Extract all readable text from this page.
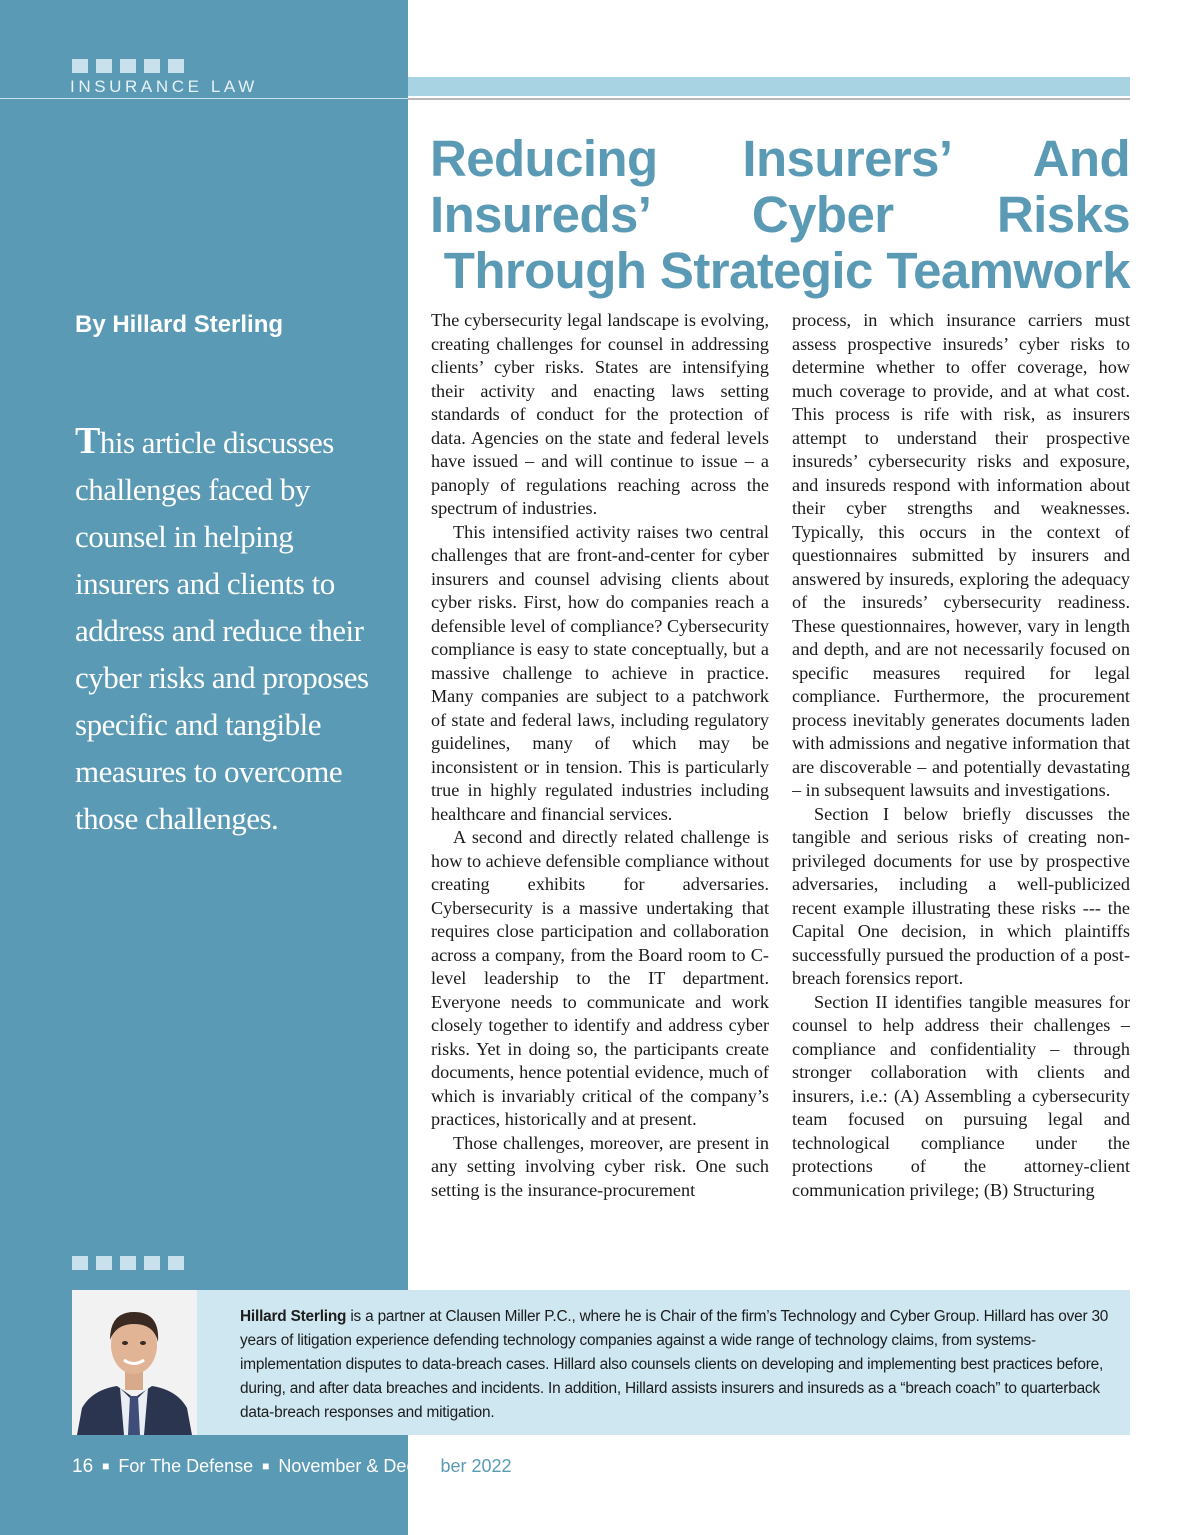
INSURANCE LAW
Reducing Insurers’ And Insureds’ Cyber Risks Through Strategic Teamwork
By Hillard Sterling

This article discusses challenges faced by counsel in helping insurers and clients to address and reduce their cyber risks and proposes specific and tangible measures to overcome those challenges.

The cybersecurity legal landscape is evolving, creating challenges for counsel in addressing clients’ cyber risks. States are intensifying their activity and enacting laws setting standards of conduct for the protection of data. Agencies on the state and federal levels have issued – and will continue to issue – a panoply of regulations reaching across the spectrum of industries.

This intensified activity raises two central challenges that are front-and-center for cyber insurers and counsel advising clients about cyber risks. First, how do companies reach a defensible level of compliance? Cybersecurity compliance is easy to state conceptually, but a massive challenge to achieve in practice. Many companies are subject to a patchwork of state and federal laws, including regulatory guidelines, many of which may be inconsistent or in tension. This is particularly true in highly regulated industries including healthcare and financial services.

A second and directly related challenge is how to achieve defensible compliance without creating exhibits for adversaries. Cybersecurity is a massive undertaking that requires close participation and collaboration across a company, from the Board room to C-level leadership to the IT department. Everyone needs to communicate and work closely together to identify and address cyber risks. Yet in doing so, the participants create documents, hence potential evidence, much of which is invariably critical of the company’s practices, historically and at present.

Those challenges, moreover, are present in any setting involving cyber risk. One such setting is the insurance-procurement

process, in which insurance carriers must assess prospective insureds’ cyber risks to determine whether to offer coverage, how much coverage to provide, and at what cost. This process is rife with risk, as insurers attempt to understand their prospective insureds’ cybersecurity risks and exposure, and insureds respond with information about their cyber strengths and weaknesses. Typically, this occurs in the context of questionnaires submitted by insurers and answered by insureds, exploring the adequacy of the insureds’ cybersecurity readiness. These questionnaires, however, vary in length and depth, and are not necessarily focused on specific measures required for legal compliance. Furthermore, the procurement process inevitably generates documents laden with admissions and negative information that are discoverable – and potentially devastating – in subsequent lawsuits and investigations.

Section I below briefly discusses the tangible and serious risks of creating non-privileged documents for use by prospective adversaries, including a well-publicized recent example illustrating these risks --- the Capital One decision, in which plaintiffs successfully pursued the production of a post-breach forensics report.

Section II identifies tangible measures for counsel to help address their challenges – compliance and confidentiality – through stronger collaboration with clients and insurers, i.e.: (A) Assembling a cybersecurity team focused on pursuing legal and technological compliance under the protections of the attorney-client communication privilege; (B) Structuring

Hillard Sterling is a partner at Clausen Miller P.C., where he is Chair of the firm’s Technology and Cyber Group. Hillard has over 30 years of litigation experience defending technology companies against a wide range of technology claims, from systems-implementation disputes to data-breach cases. Hillard also counsels clients on developing and implementing best practices before, during, and after data breaches and incidents. In addition, Hillard assists insurers and insureds as a “breach coach” to quarterback data-breach responses and mitigation.

16 ■ For The Defense ■ November & December 2022
